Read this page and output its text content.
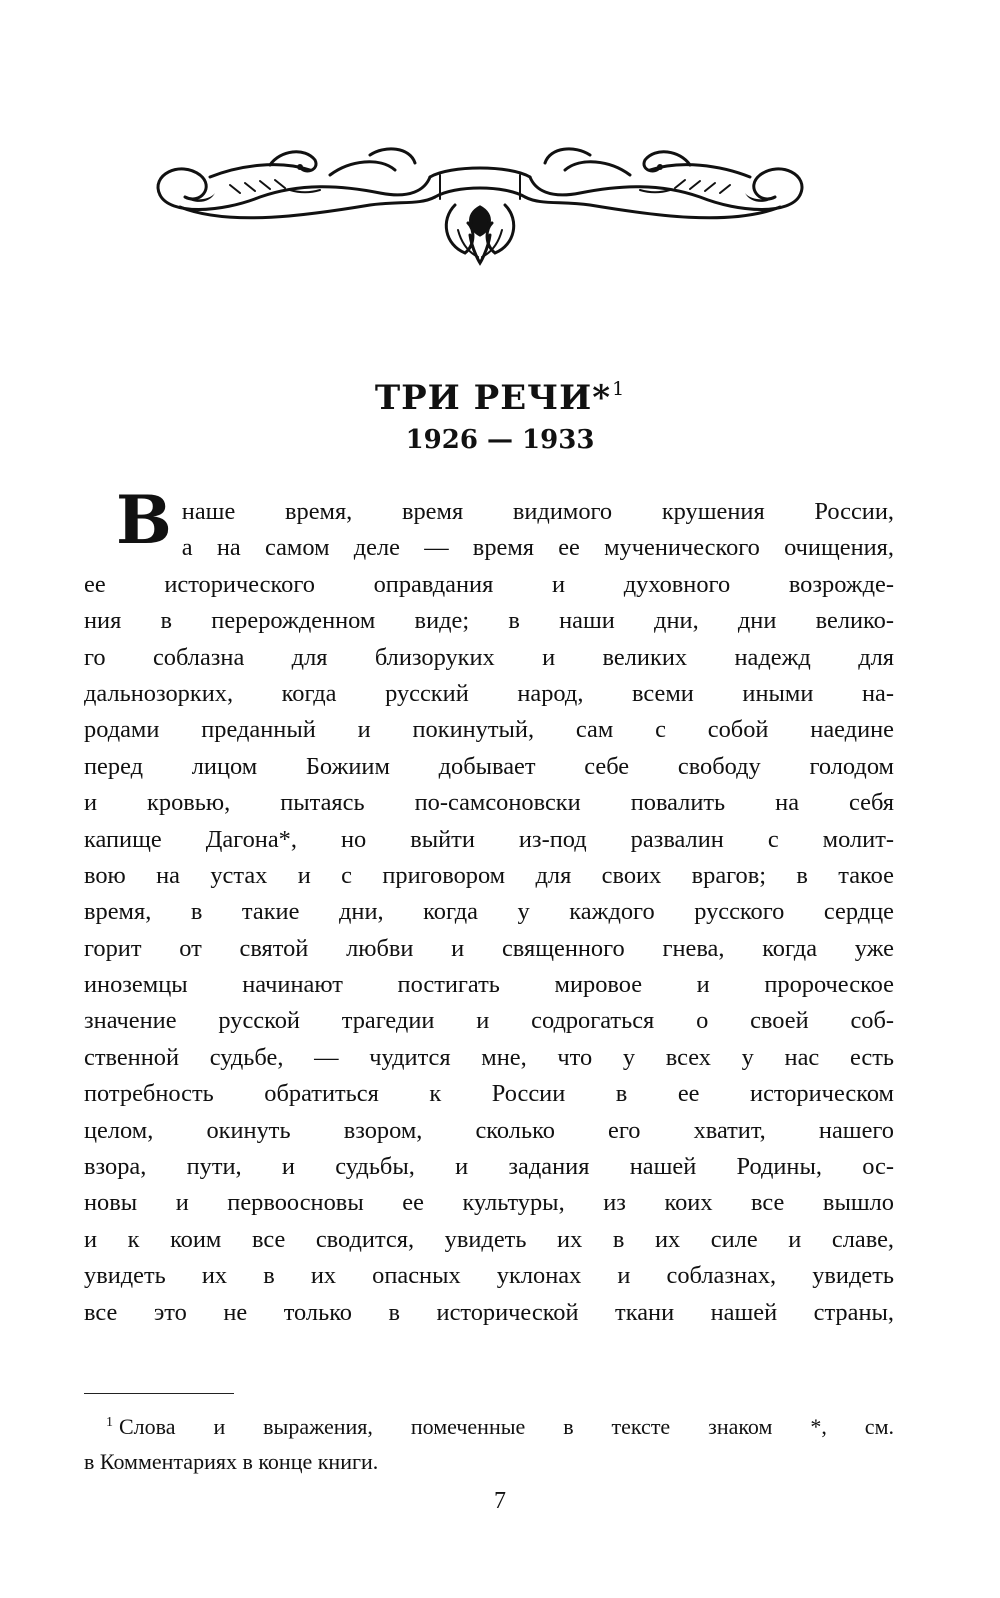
ТРИ РЕЧИ*$^1$
1926 — 1933
В наше время, время видимого крушения России,
а на самом деле — время ее мученического очищения,
ее исторического оправдания и духовного возрожде-
ния в перерожденном виде; в наши дни, дни велико-
го соблазна для близоруких и великих надежд для
дальнозорких, когда русский народ, всеми иными на-
родами преданный и покинутый, сам с собой наедине
перед лицом Божиим добывает себе свободу голодом
и кровью, пытаясь по-самсоновски повалить на себя
капище Дагона*, но выйти из-под развалин с молит-
вою на устах и с приговором для своих врагов; в такое
время, в такие дни, когда у каждого русского сердце
горит от святой любви и священного гнева, когда уже
иноземцы начинают постигать мировое и пророческое
значение русской трагедии и содрогаться о своей соб-
ственной судьбе, — чудится мне, что у всех у нас есть
потребность обратиться к России в ее историческом
целом, окинуть взором, сколько его хватит, нашего
взора, пути, и судьбы, и задания нашей Родины, ос-
новы и первоосновы ее культуры, из коих все вышло
и к коим все сводится, увидеть их в их силе и славе,
увидеть их в их опасных уклонах и соблазнах, увидеть
все это не только в исторической ткани нашей страны,
$^1$ Слова и выражения, помеченные в тексте знаком *, см.
в Комментариях в конце книги.
7
